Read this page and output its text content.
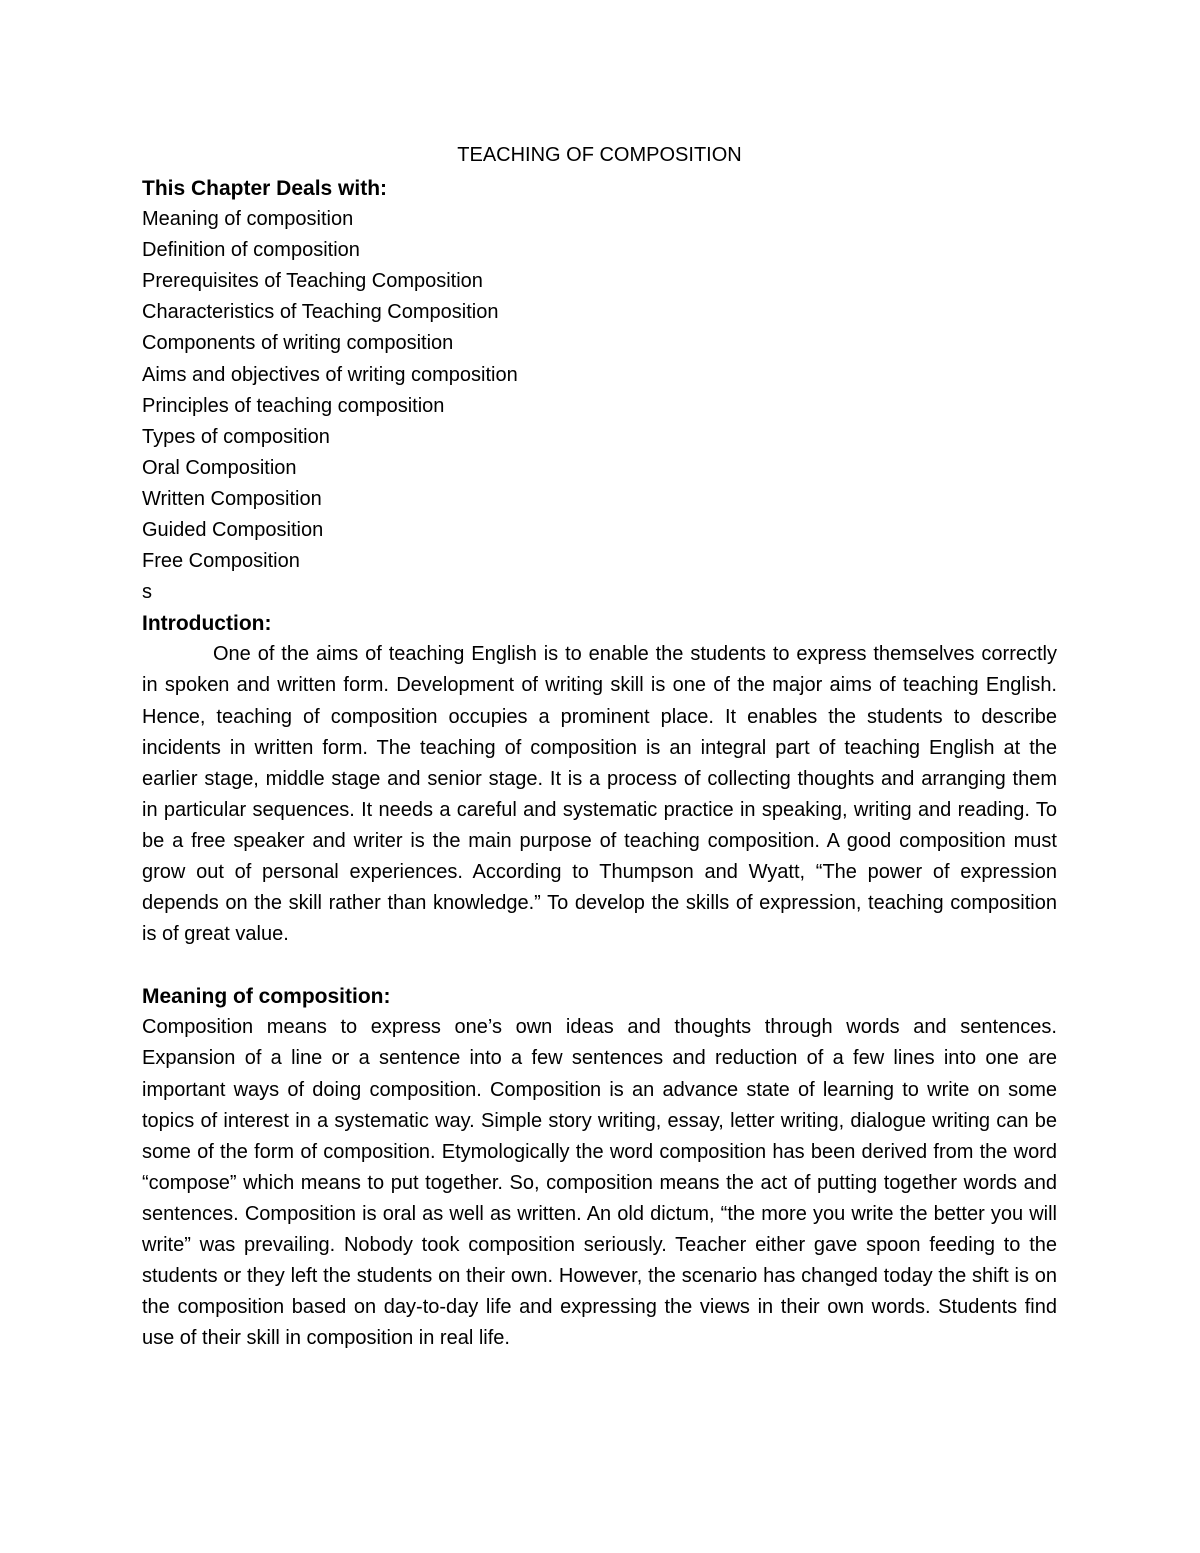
TEACHING OF COMPOSITION

This Chapter Deals with:

Meaning of composition
Definition of composition
Prerequisites of Teaching Composition
Characteristics of Teaching Composition
Components of writing composition
Aims and objectives of writing composition
Principles of teaching composition
Types of composition
Oral Composition
Written Composition
Guided Composition
Free Composition

s

Introduction:

One of the aims of teaching English is to enable the students to express themselves correctly in spoken and written form. Development of writing skill is one of the major aims of teaching English. Hence, teaching of composition occupies a prominent place. It enables the students to describe incidents in written form. The teaching of composition is an integral part of teaching English at the earlier stage, middle stage and senior stage. It is a process of collecting thoughts and arranging them in particular sequences. It needs a careful and systematic practice in speaking, writing and reading. To be a free speaker and writer is the main purpose of teaching composition. A good composition must grow out of personal experiences. According to Thumpson and Wyatt, “The power of expression depends on the skill rather than knowledge.” To develop the skills of expression, teaching composition is of great value.

Meaning of composition:

Composition means to express one’s own ideas and thoughts through words and sentences. Expansion of a line or a sentence into a few sentences and reduction of a few lines into one are important ways of doing composition. Composition is an advance state of learning to write on some topics of interest in a systematic way. Simple story writing, essay, letter writing, dialogue writing can be some of the form of composition. Etymologically the word composition has been derived from the word “compose” which means to put together. So, composition means the act of putting together words and sentences. Composition is oral as well as written. An old dictum, “the more you write the better you will write” was prevailing. Nobody took composition seriously. Teacher either gave spoon feeding to the students or they left the students on their own. However, the scenario has changed today the shift is on the composition based on day-to-day life and expressing the views in their own words. Students find use of their skill in composition in real life.
